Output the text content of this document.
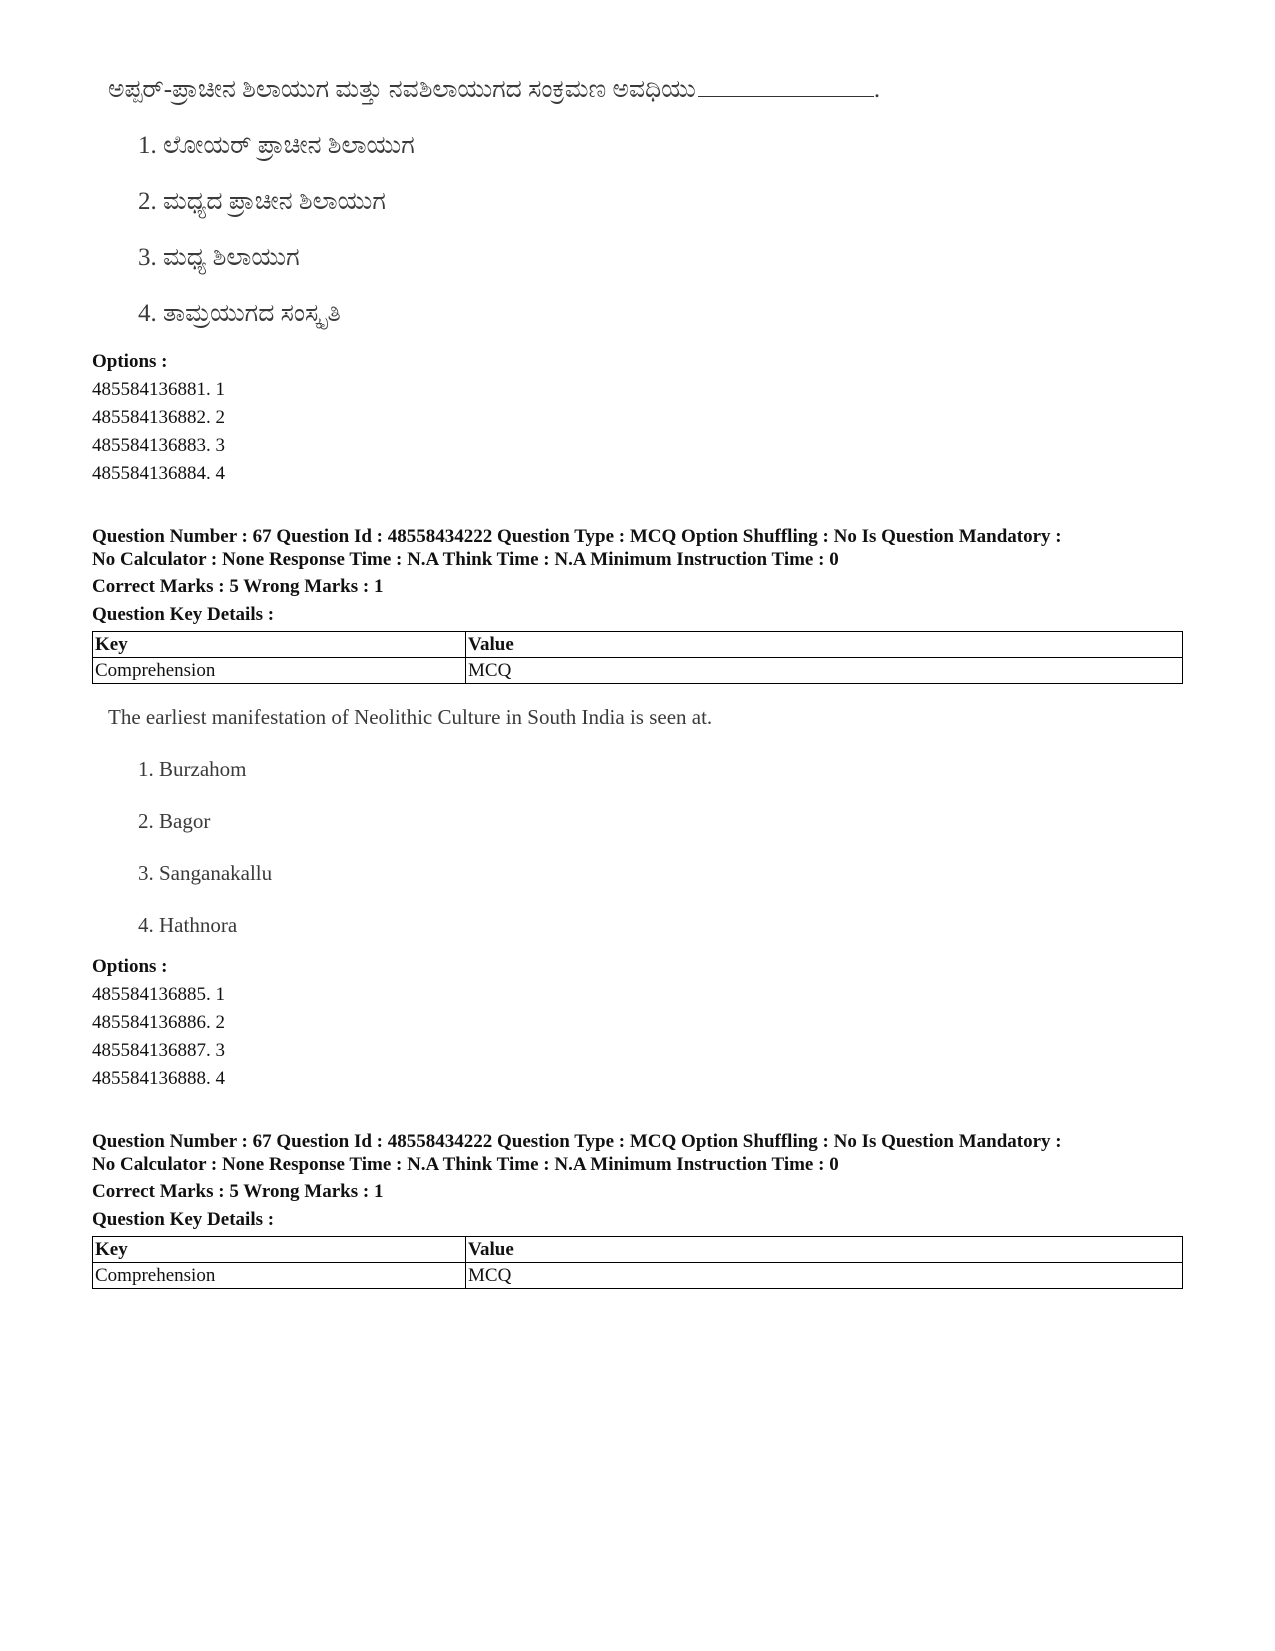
ಅಪ್ಪರ್-ಪ್ರಾಚೀನ ಶಿಲಾಯುಗ ಮತ್ತು ನವಶಿಲಾಯುಗದ ಸಂಕ್ರಮಣ ಅವಧಿಯು	.
1. ಲೋಯರ್ ಪ್ರಾಚೀನ ಶಿಲಾಯುಗ
2. ಮಧ್ಯದ ಪ್ರಾಚೀನ ಶಿಲಾಯುಗ
3. ಮಧ್ಯ ಶಿಲಾಯುಗ
4. ತಾಮ್ರಯುಗದ ಸಂಸ್ಕೃತಿ
Options :
485584136881. 1
485584136882. 2
485584136883. 3
485584136884. 4
Question Number : 67 Question Id : 48558434222 Question Type : MCQ Option Shuffling : No Is Question Mandatory :
No Calculator : None Response Time : N.A Think Time : N.A Minimum Instruction Time : 0
Correct Marks : 5 Wrong Marks : 1
Question Key Details :
Key	Value
Comprehension	MCQ
The earliest manifestation of Neolithic Culture in South India is seen at.
1. Burzahom
2. Bagor
3. Sanganakallu
4. Hathnora
Options :
485584136885. 1
485584136886. 2
485584136887. 3
485584136888. 4
Question Number : 67 Question Id : 48558434222 Question Type : MCQ Option Shuffling : No Is Question Mandatory :
No Calculator : None Response Time : N.A Think Time : N.A Minimum Instruction Time : 0
Correct Marks : 5 Wrong Marks : 1
Question Key Details :
Key	Value
Comprehension	MCQ
